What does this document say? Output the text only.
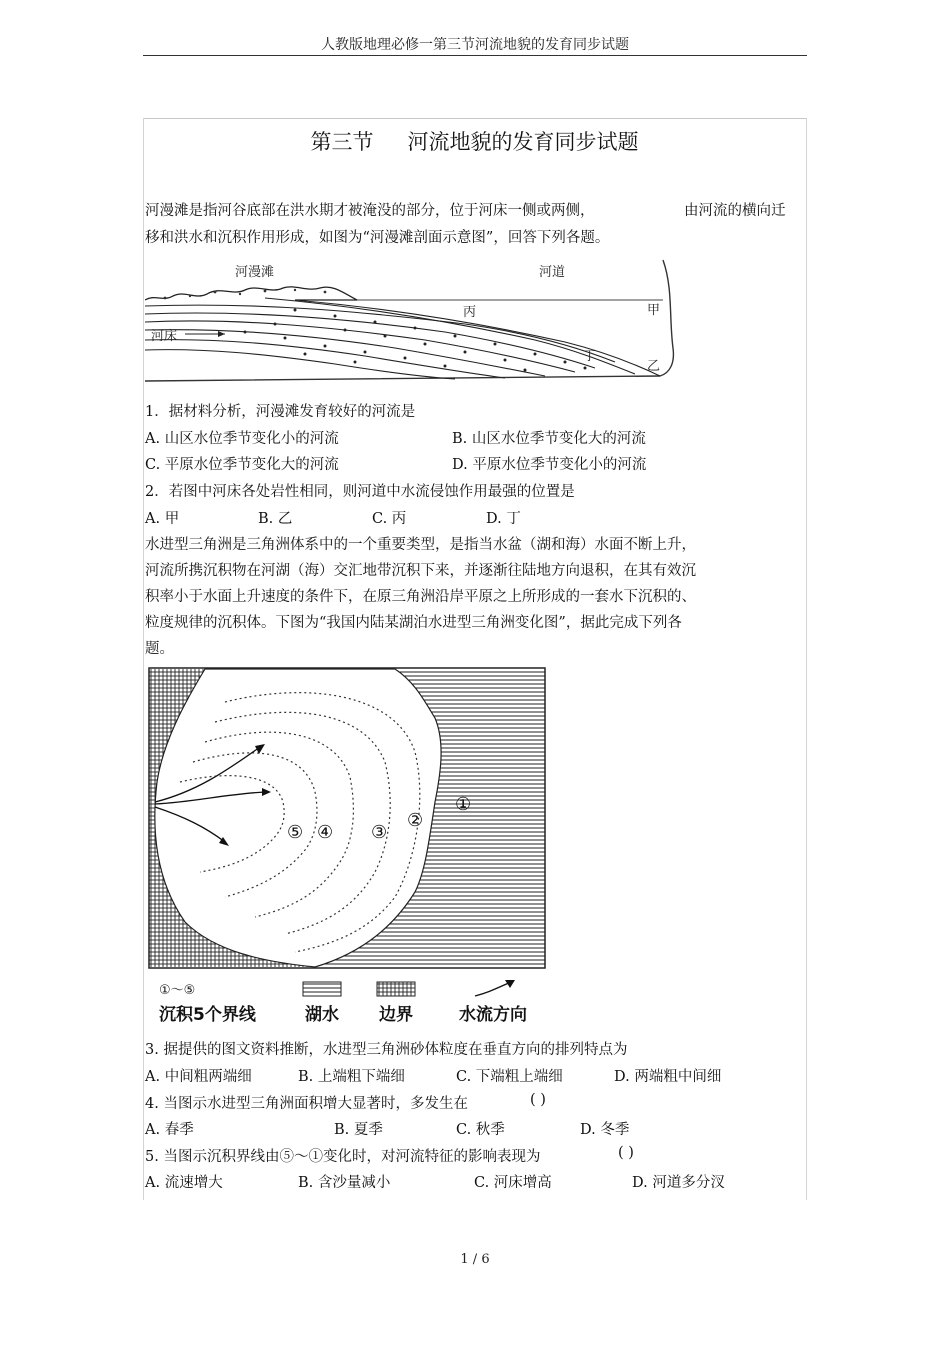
人教版地理必修一第三节河流地貌的发育同步试题
第三节 河流地貌的发育同步试题
河漫滩是指河谷底部在洪水期才被淹没的部分，位于河床一侧或两侧，	由河流的横向迁
移和洪水和沉积作用形成，如图为“河漫滩剖面示意图”，回答下列各题。
河漫滩	河道
河床
丙	甲
丁
乙
1．据材料分析，河漫滩发育较好的河流是
A. 山区水位季节变化小的河流	B. 山区水位季节变化大的河流
C. 平原水位季节变化大的河流	D. 平原水位季节变化小的河流
2．若图中河床各处岩性相同，则河道中水流侵蚀作用最强的位置是
A. 甲	B. 乙	C. 丙	D. 丁
水进型三角洲是三角洲体系中的一个重要类型，是指当水盆（湖和海）水面不断上升，
河流所携沉积物在河湖（海）交汇地带沉积下来，并逐渐往陆地方向退积，在其有效沉
积率小于水面上升速度的条件下，在原三角洲沿岸平原之上所形成的一套水下沉积的、
粒度规律的沉积体。下图为“我国内陆某湖泊水进型三角洲变化图”，据此完成下列各
题。
⑤ ④ ③
②
①
①～⑤
沉积5个界线	湖水 边界	水流方向
3. 据提供的图文资料推断，水进型三角洲砂体粒度在垂直方向的排列特点为
A. 中间粗两端细	B. 上端粗下端细	C. 下端粗上端细	D. 两端粗中间细
4. 当图示水进型三角洲面积增大显著时，多发生在	( )
A. 春季	B. 夏季	C. 秋季	D. 冬季
5. 当图示沉积界线由⑤～①变化时，对河流特征的影响表现为	( )
A. 流速增大	B. 含沙量减小	C. 河床增高	D. 河道多分汊
1 / 6
